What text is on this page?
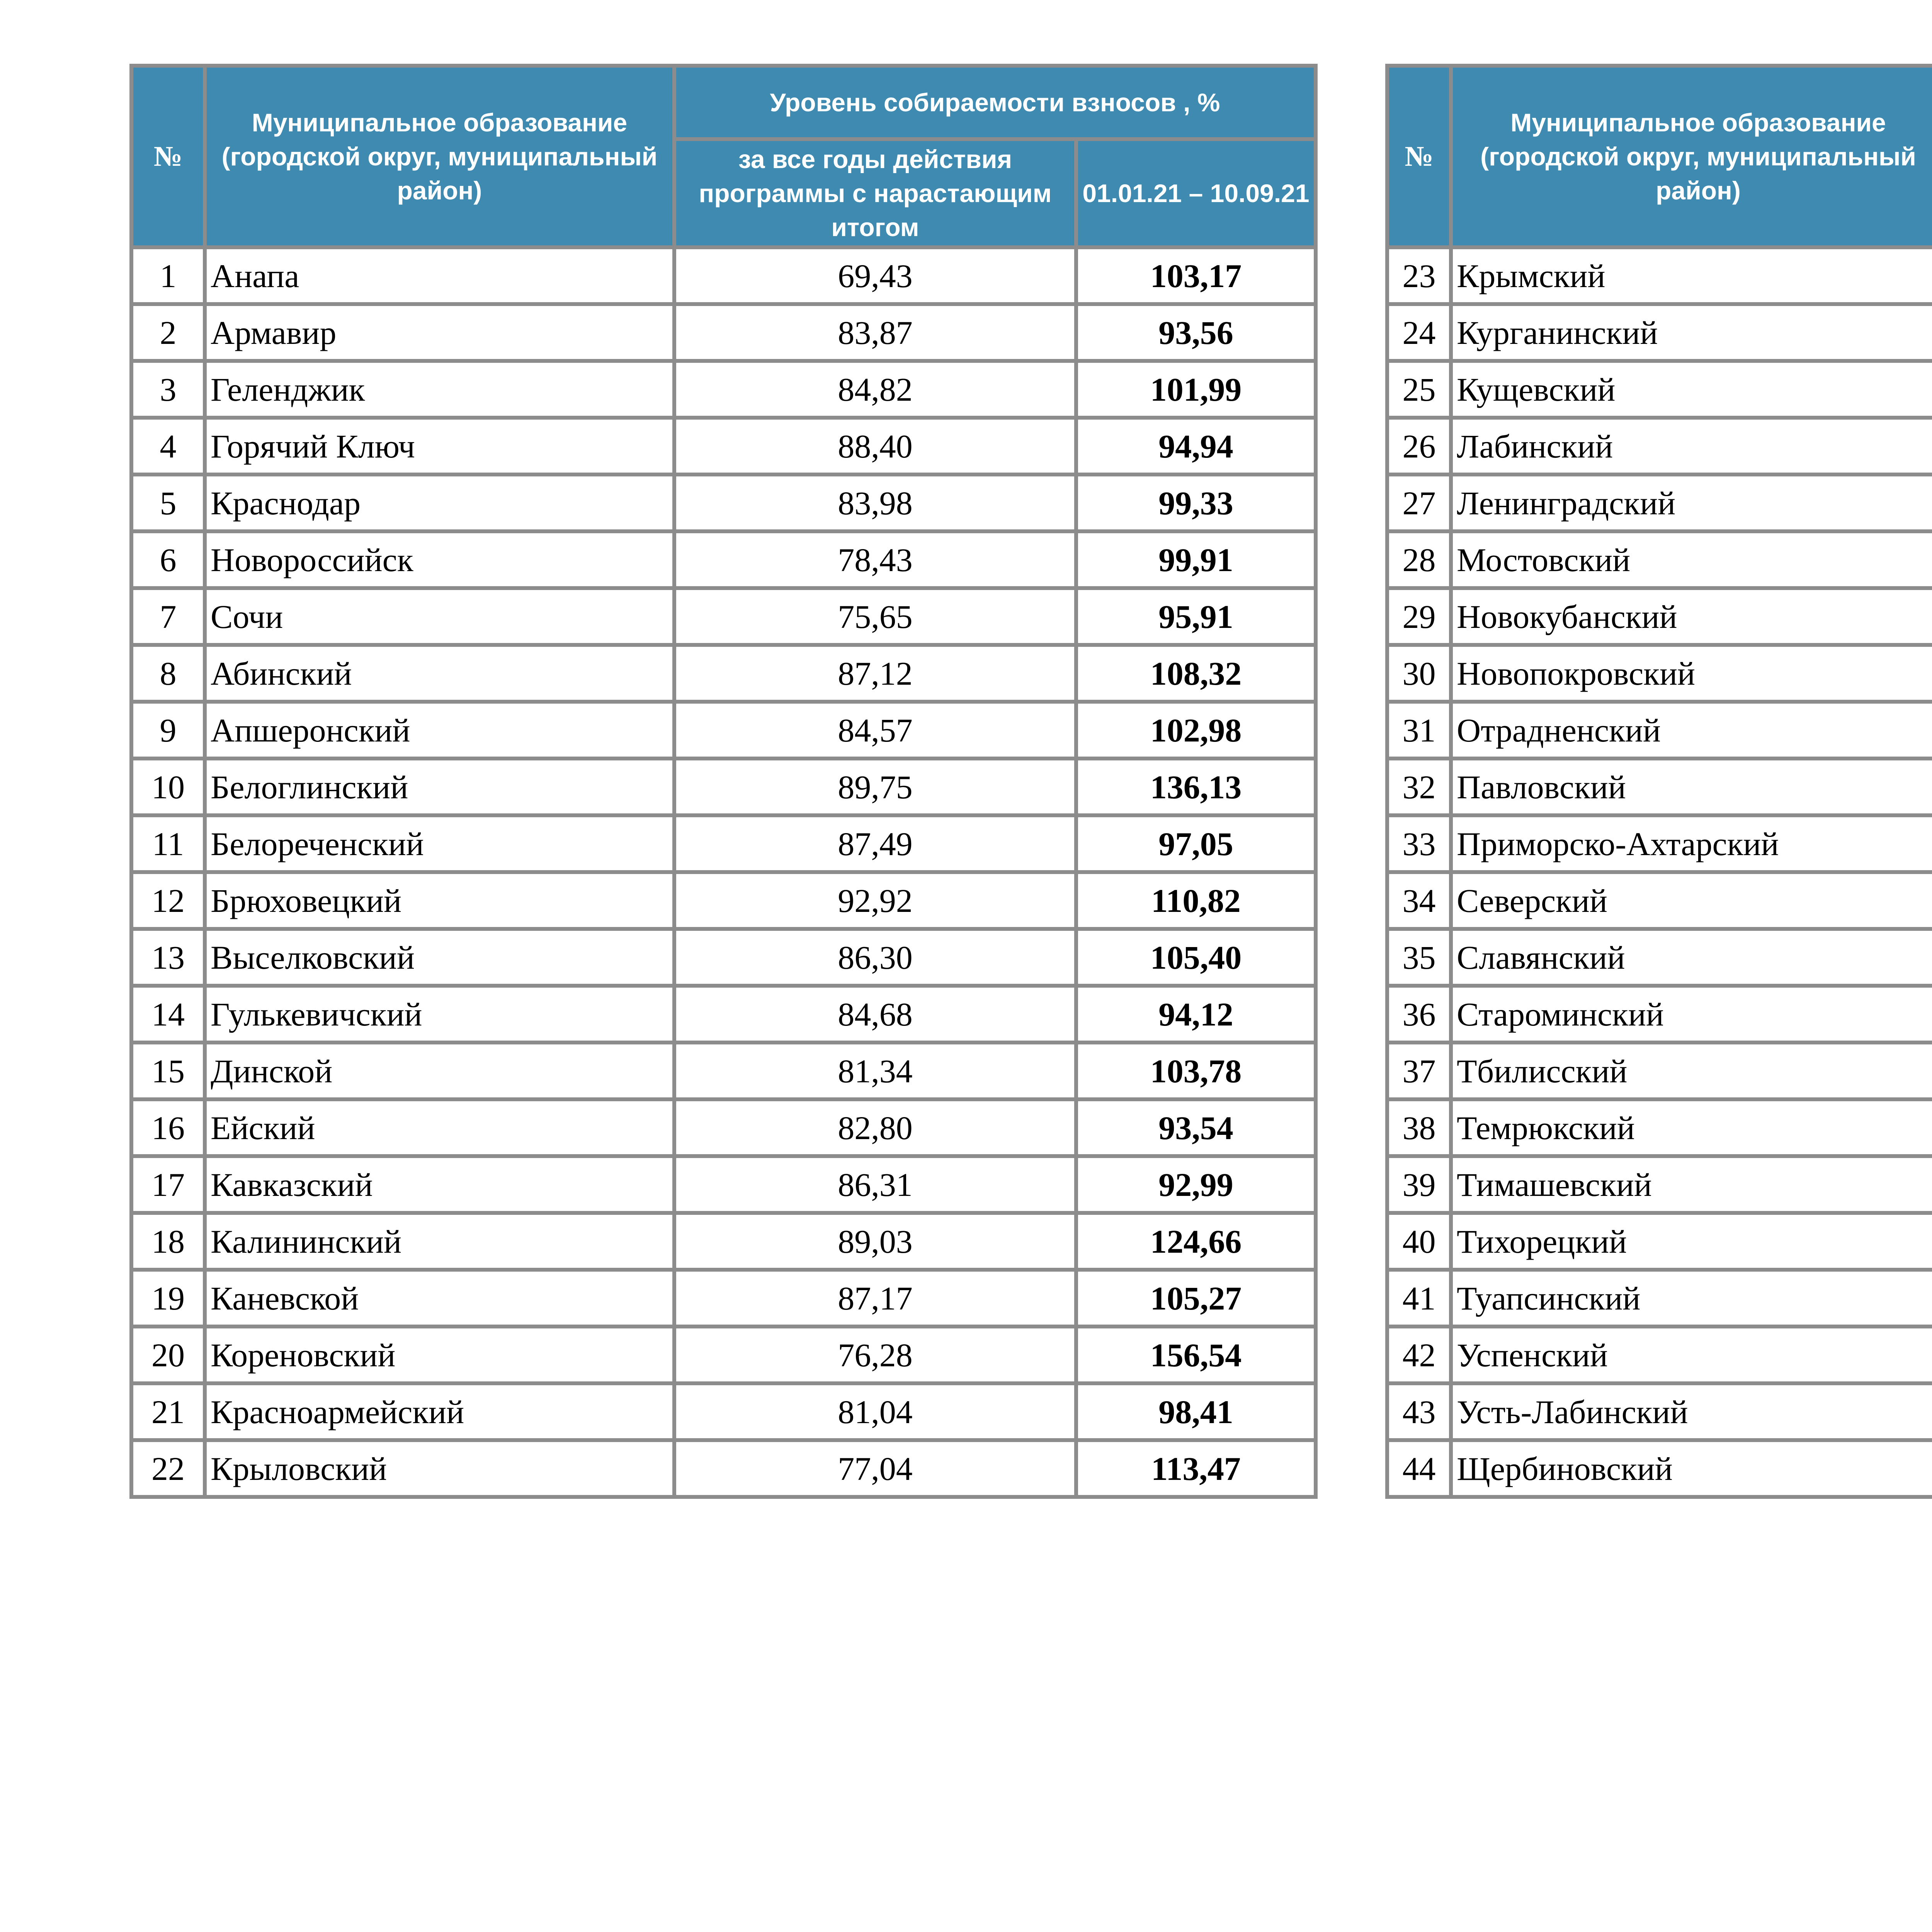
№	Муниципальное образование (городской округ, муниципальный район)	Уровень собираемости взносов , %	
		за все годы действия программы с нарастающим итогом	01.01.21 – 10.09.21
1	Анапа	69,43	103,17
2	Армавир	83,87	93,56
3	Геленджик	84,82	101,99
4	Горячий Ключ	88,40	94,94
5	Краснодар	83,98	99,33
6	Новороссийск	78,43	99,91
7	Сочи	75,65	95,91
8	Абинский	87,12	108,32
9	Апшеронский	84,57	102,98
10	Белоглинский	89,75	136,13
11	Белореченский	87,49	97,05
12	Брюховецкий	92,92	110,82
13	Выселковский	86,30	105,40
14	Гулькевичский	84,68	94,12
15	Динской	81,34	103,78
16	Ейский	82,80	93,54
17	Кавказский	86,31	92,99
18	Калининский	89,03	124,66
19	Каневской	87,17	105,27
20	Кореновский	76,28	156,54
21	Красноармейский	81,04	98,41
22	Крыловский	77,04	113,47
№	Муниципальное образование (городской округ, муниципальный район)	

23	Крымский		
24	Курганинский		
25	Кущевский		
26	Лабинский		
27	Ленинградский		
28	Мостовский		
29	Новокубанский		
30	Новопокровский		
31	Отрадненский		
32	Павловский		
33	Приморско-Ахтарский		
34	Северский		
35	Славянский		
36	Староминский		
37	Тбилисский		
38	Темрюкский		
39	Тимашевский		
40	Тихорецкий		
41	Туапсинский		
42	Успенский		
43	Усть-Лабинский		
44	Щербиновский		
